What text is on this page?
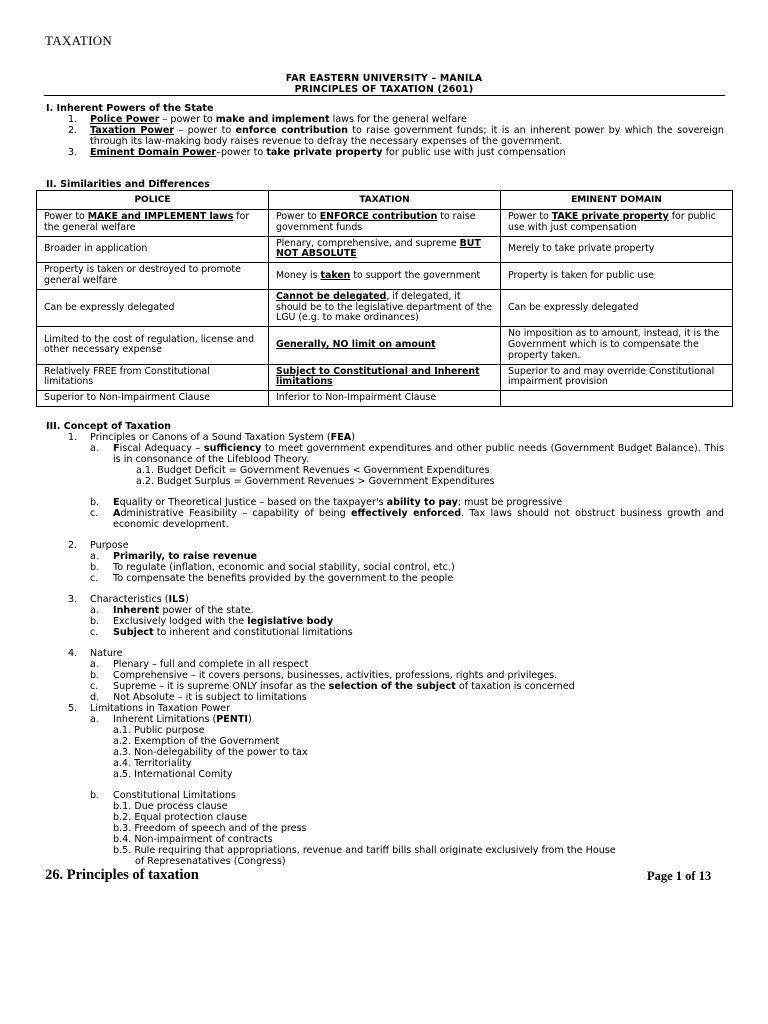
TAXATION
FAR EASTERN UNIVERSITY – MANILA
PRINCIPLES OF TAXATION (2601)
I. Inherent Powers of the State
1. Police Power – power to make and implement laws for the general welfare
2. Taxation Power – power to enforce contribution to raise government funds; it is an inherent power by which the sovereign through its law-making body raises revenue to defray the necessary expenses of the government.
3. Eminent Domain Power–power to take private property for public use with just compensation
II. Similarities and Differences
POLICE	TAXATION	EMINENT DOMAIN
Power to MAKE and IMPLEMENT laws for the general welfare	Power to ENFORCE contribution to raise government funds	Power to TAKE private property for public use with just compensation
Broader in application	Plenary, comprehensive, and supreme BUT NOT ABSOLUTE	Merely to take private property
Property is taken or destroyed to promote general welfare	Money is taken to support the government	Property is taken for public use
Can be expressly delegated	Cannot be delegated, if delegated, it should be to the legislative department of the LGU (e.g. to make ordinances)	Can be expressly delegated
Limited to the cost of regulation, license and other necessary expense	Generally, NO limit on amount	No imposition as to amount, instead, it is the Government which is to compensate the property taken.
Relatively FREE from Constitutional limitations	Subject to Constitutional and Inherent limitations	Superior to and may override Constitutional impairment provision
Superior to Non-Impairment Clause	Inferior to Non-Impairment Clause	
III. Concept of Taxation
1. Principles or Canons of a Sound Taxation System (FEA)
a. Fiscal Adequacy – sufficiency to meet government expenditures and other public needs (Government Budget Balance). This is in consonance of the Lifeblood Theory.
a.1. Budget Deficit = Government Revenues < Government Expenditures
a.2. Budget Surplus = Government Revenues > Government Expenditures
b. Equality or Theoretical Justice – based on the taxpayer's ability to pay; must be progressive
c. Administrative Feasibility – capability of being effectively enforced. Tax laws should not obstruct business growth and economic development.
2. Purpose
a. Primarily, to raise revenue
b. To regulate (inflation, economic and social stability, social control, etc.)
c. To compensate the benefits provided by the government to the people
3. Characteristics (ILS)
a. Inherent power of the state.
b. Exclusively lodged with the legislative body
c. Subject to inherent and constitutional limitations
4. Nature
a. Plenary – full and complete in all respect
b. Comprehensive – it covers persons, businesses, activities, professions, rights and privileges.
c. Supreme – it is supreme ONLY insofar as the selection of the subject of taxation is concerned
d. Not Absolute – it is subject to limitations
5. Limitations in Taxation Power
a. Inherent Limitations (PENTI)
a.1. Public purpose
a.2. Exemption of the Government
a.3. Non-delegability of the power to tax
a.4. Territoriality
a.5. International Comity
b. Constitutional Limitations
b.1. Due process clause
b.2. Equal protection clause
b.3. Freedom of speech and of the press
b.4. Non-impairment of contracts
b.5. Rule requiring that appropriations, revenue and tariff bills shall originate exclusively from the House
of Represenatatives (Congress)
26. Principles of taxation	Page 1 of 13
